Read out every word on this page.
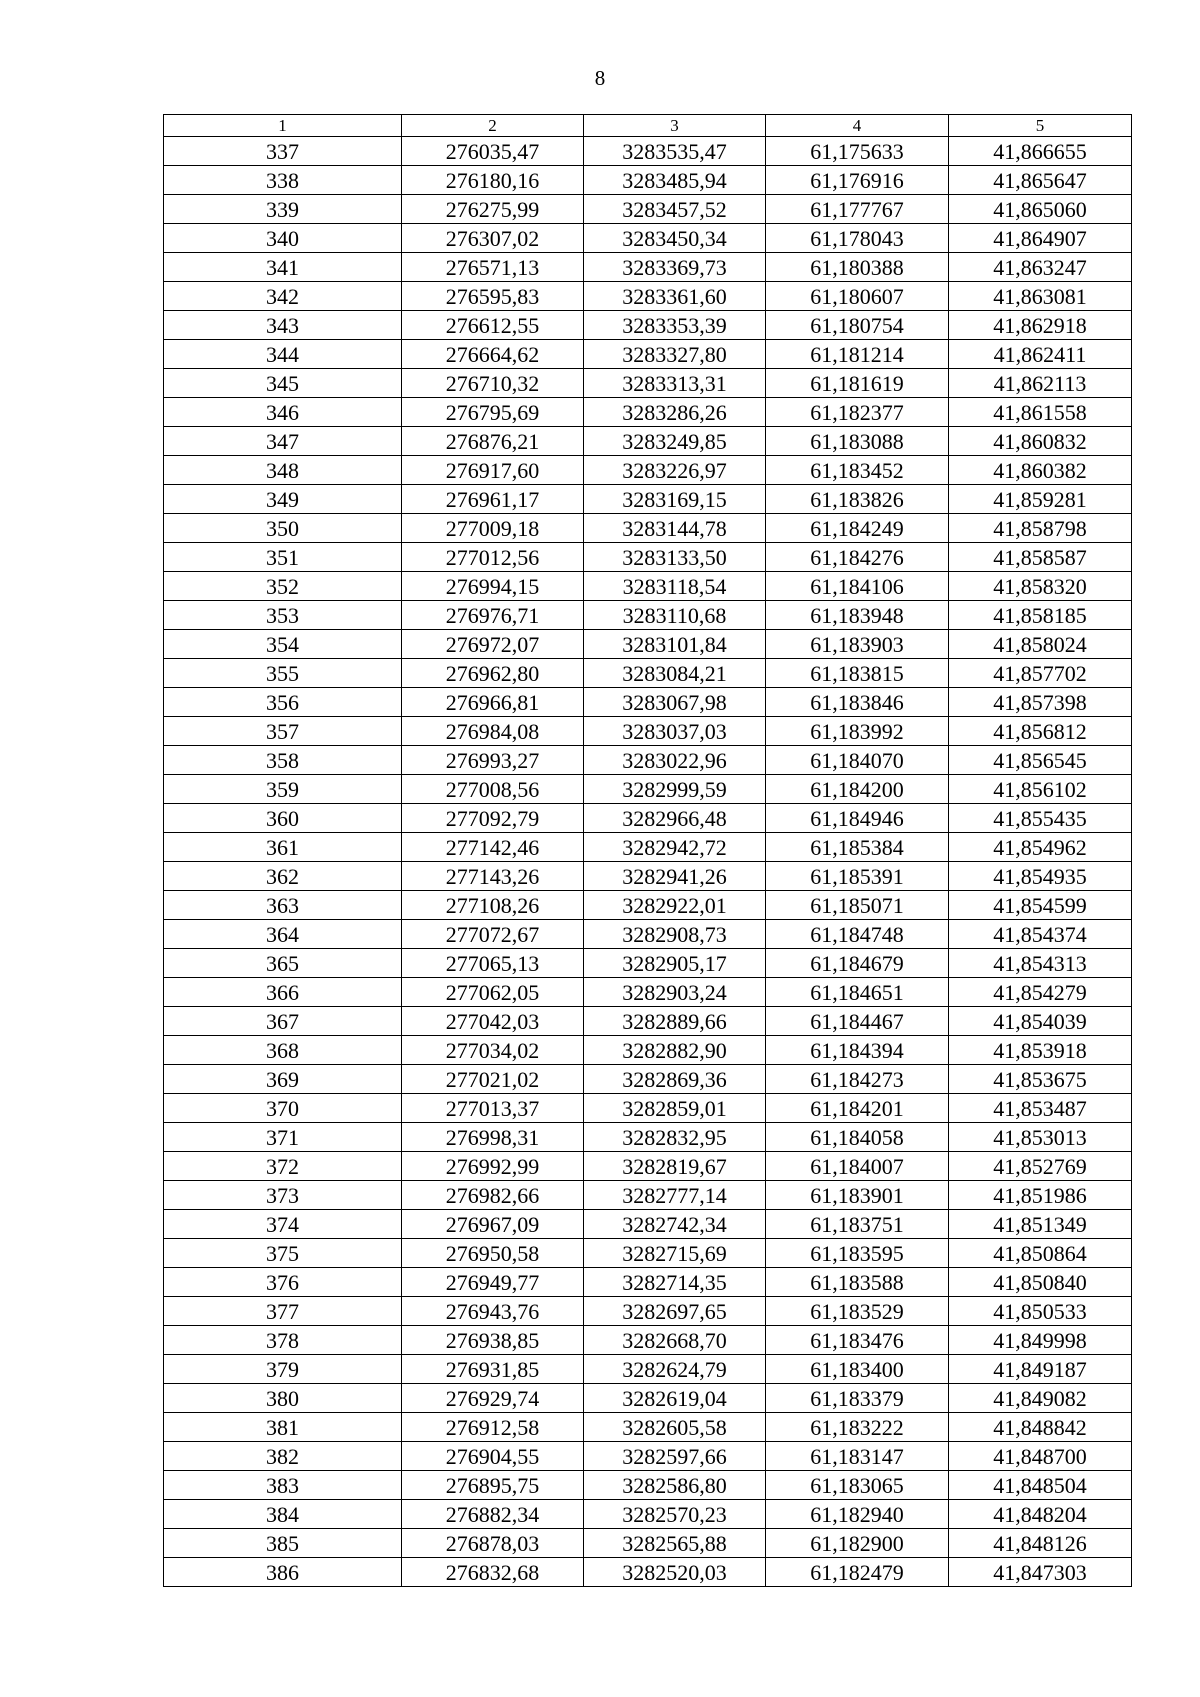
8
1	2	3	4	5
337	276035,47	3283535,47	61,175633	41,866655
338	276180,16	3283485,94	61,176916	41,865647
339	276275,99	3283457,52	61,177767	41,865060
340	276307,02	3283450,34	61,178043	41,864907
341	276571,13	3283369,73	61,180388	41,863247
342	276595,83	3283361,60	61,180607	41,863081
343	276612,55	3283353,39	61,180754	41,862918
344	276664,62	3283327,80	61,181214	41,862411
345	276710,32	3283313,31	61,181619	41,862113
346	276795,69	3283286,26	61,182377	41,861558
347	276876,21	3283249,85	61,183088	41,860832
348	276917,60	3283226,97	61,183452	41,860382
349	276961,17	3283169,15	61,183826	41,859281
350	277009,18	3283144,78	61,184249	41,858798
351	277012,56	3283133,50	61,184276	41,858587
352	276994,15	3283118,54	61,184106	41,858320
353	276976,71	3283110,68	61,183948	41,858185
354	276972,07	3283101,84	61,183903	41,858024
355	276962,80	3283084,21	61,183815	41,857702
356	276966,81	3283067,98	61,183846	41,857398
357	276984,08	3283037,03	61,183992	41,856812
358	276993,27	3283022,96	61,184070	41,856545
359	277008,56	3282999,59	61,184200	41,856102
360	277092,79	3282966,48	61,184946	41,855435
361	277142,46	3282942,72	61,185384	41,854962
362	277143,26	3282941,26	61,185391	41,854935
363	277108,26	3282922,01	61,185071	41,854599
364	277072,67	3282908,73	61,184748	41,854374
365	277065,13	3282905,17	61,184679	41,854313
366	277062,05	3282903,24	61,184651	41,854279
367	277042,03	3282889,66	61,184467	41,854039
368	277034,02	3282882,90	61,184394	41,853918
369	277021,02	3282869,36	61,184273	41,853675
370	277013,37	3282859,01	61,184201	41,853487
371	276998,31	3282832,95	61,184058	41,853013
372	276992,99	3282819,67	61,184007	41,852769
373	276982,66	3282777,14	61,183901	41,851986
374	276967,09	3282742,34	61,183751	41,851349
375	276950,58	3282715,69	61,183595	41,850864
376	276949,77	3282714,35	61,183588	41,850840
377	276943,76	3282697,65	61,183529	41,850533
378	276938,85	3282668,70	61,183476	41,849998
379	276931,85	3282624,79	61,183400	41,849187
380	276929,74	3282619,04	61,183379	41,849082
381	276912,58	3282605,58	61,183222	41,848842
382	276904,55	3282597,66	61,183147	41,848700
383	276895,75	3282586,80	61,183065	41,848504
384	276882,34	3282570,23	61,182940	41,848204
385	276878,03	3282565,88	61,182900	41,848126
386	276832,68	3282520,03	61,182479	41,847303
